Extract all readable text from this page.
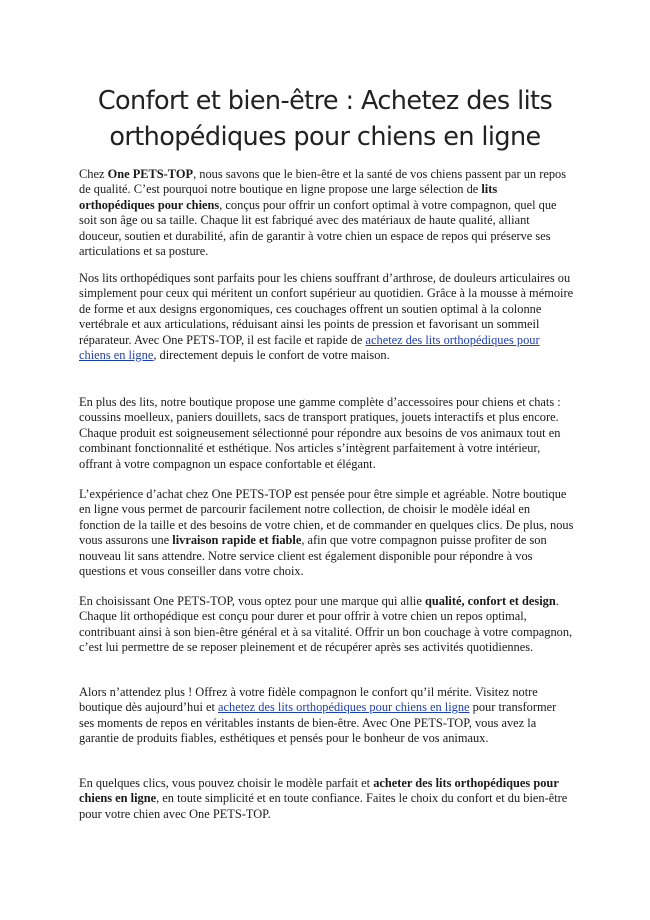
Confort et bien-être : Achetez des lits orthopédiques pour chiens en ligne

Chez One PETS-TOP, nous savons que le bien-être et la santé de vos chiens passent par un repos de qualité. C’est pourquoi notre boutique en ligne propose une large sélection de lits orthopédiques pour chiens, conçus pour offrir un confort optimal à votre compagnon, quel que soit son âge ou sa taille. Chaque lit est fabriqué avec des matériaux de haute qualité, alliant douceur, soutien et durabilité, afin de garantir à votre chien un espace de repos qui préserve ses articulations et sa posture.

Nos lits orthopédiques sont parfaits pour les chiens souffrant d’arthrose, de douleurs articulaires ou simplement pour ceux qui méritent un confort supérieur au quotidien. Grâce à la mousse à mémoire de forme et aux designs ergonomiques, ces couchages offrent un soutien optimal à la colonne vertébrale et aux articulations, réduisant ainsi les points de pression et favorisant un sommeil réparateur. Avec One PETS-TOP, il est facile et rapide de achetez des lits orthopédiques pour chiens en ligne, directement depuis le confort de votre maison.

En plus des lits, notre boutique propose une gamme complète d’accessoires pour chiens et chats : coussins moelleux, paniers douillets, sacs de transport pratiques, jouets interactifs et plus encore. Chaque produit est soigneusement sélectionné pour répondre aux besoins de vos animaux tout en combinant fonctionnalité et esthétique. Nos articles s’intègrent parfaitement à votre intérieur, offrant à votre compagnon un espace confortable et élégant.

L’expérience d’achat chez One PETS-TOP est pensée pour être simple et agréable. Notre boutique en ligne vous permet de parcourir facilement notre collection, de choisir le modèle idéal en fonction de la taille et des besoins de votre chien, et de commander en quelques clics. De plus, nous vous assurons une livraison rapide et fiable, afin que votre compagnon puisse profiter de son nouveau lit sans attendre. Notre service client est également disponible pour répondre à vos questions et vous conseiller dans votre choix.

En choisissant One PETS-TOP, vous optez pour une marque qui allie qualité, confort et design. Chaque lit orthopédique est conçu pour durer et pour offrir à votre chien un repos optimal, contribuant ainsi à son bien-être général et à sa vitalité. Offrir un bon couchage à votre compagnon, c’est lui permettre de se reposer pleinement et de récupérer après ses activités quotidiennes.

Alors n’attendez plus ! Offrez à votre fidèle compagnon le confort qu’il mérite. Visitez notre boutique dès aujourd’hui et achetez des lits orthopédiques pour chiens en ligne pour transformer ses moments de repos en véritables instants de bien-être. Avec One PETS-TOP, vous avez la garantie de produits fiables, esthétiques et pensés pour le bonheur de vos animaux.

En quelques clics, vous pouvez choisir le modèle parfait et acheter des lits orthopédiques pour chiens en ligne, en toute simplicité et en toute confiance. Faites le choix du confort et du bien-être pour votre chien avec One PETS-TOP.
